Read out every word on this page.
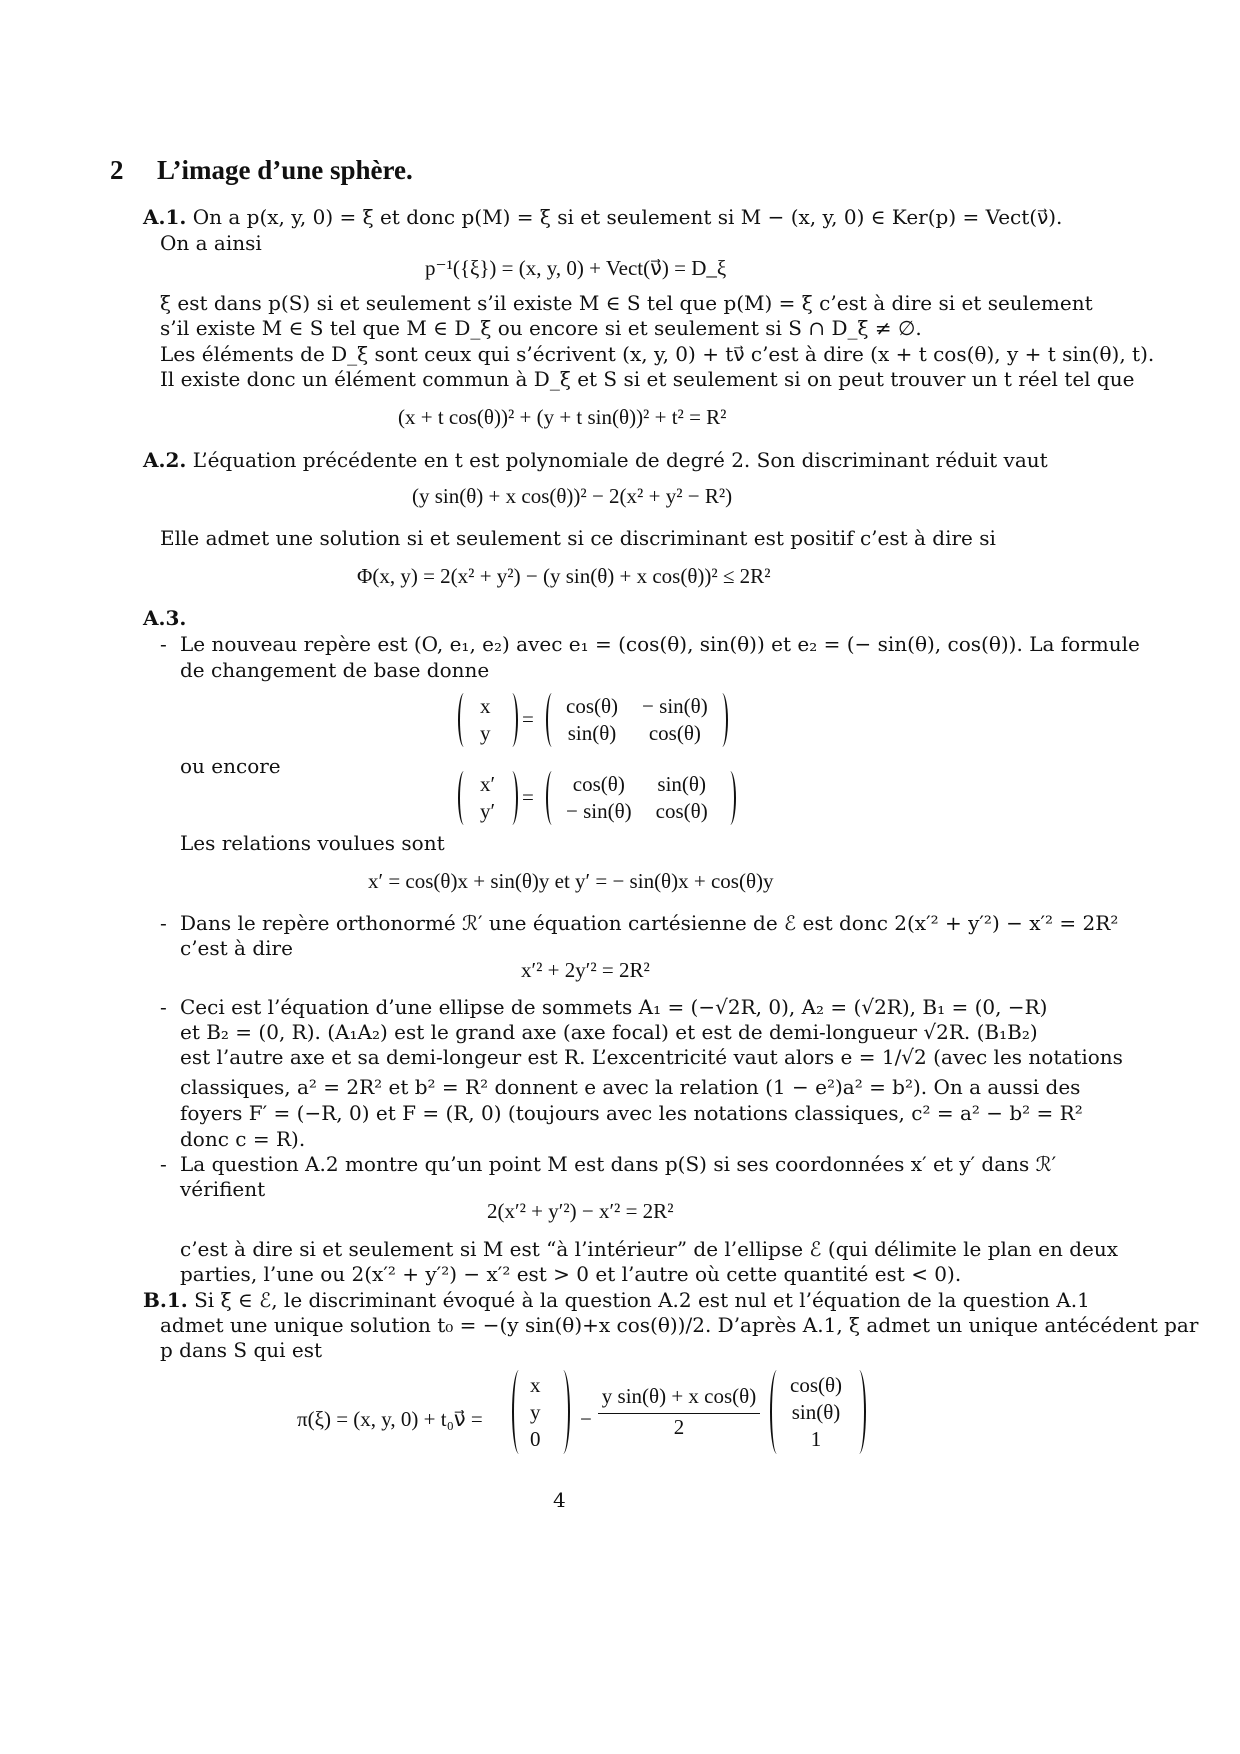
2 L’image d’une sphère.
A.1. On a p(x, y, 0) = ξ et donc p(M) = ξ si et seulement si M − (x, y, 0) ∈ Ker(p) = Vect(ν⃗).
On a ainsi
p⁻¹({ξ}) = (x, y, 0) + Vect(ν⃗) = D_ξ
ξ est dans p(S) si et seulement s’il existe M ∈ S tel que p(M) = ξ c’est à dire si et seulement
s’il existe M ∈ S tel que M ∈ D_ξ ou encore si et seulement si S ∩ D_ξ ≠ ∅.
Les éléments de D_ξ sont ceux qui s’écrivent (x, y, 0) + tν⃗ c’est à dire (x + t cos(θ), y + t sin(θ), t).
Il existe donc un élément commun à D_ξ et S si et seulement si on peut trouver un t réel tel que
(x + t cos(θ))² + (y + t sin(θ))² + t² = R²
A.2. L’équation précédente en t est polynomiale de degré 2. Son discriminant réduit vaut
(y sin(θ) + x cos(θ))² − 2(x² + y² − R²)
Elle admet une solution si et seulement si ce discriminant est positif c’est à dire si
Φ(x, y) = 2(x² + y²) − (y sin(θ) + x cos(θ))² ≤ 2R²
A.3.
- Le nouveau repère est (O, e₁, e₂) avec e₁ = (cos(θ), sin(θ)) et e₂ = (− sin(θ), cos(θ)). La formule
de changement de base donne
x
y
=
cos(θ)	− sin(θ)
sin(θ)	cos(θ)
ou encore
x′
y′
=
cos(θ)	sin(θ)
− sin(θ)	cos(θ)
Les relations voulues sont
x′ = cos(θ)x + sin(θ)y et y′ = − sin(θ)x + cos(θ)y
- Dans le repère orthonormé ℛ′ une équation cartésienne de ℰ est donc 2(x′² + y′²) − x′² = 2R²
c’est à dire
x′² + 2y′² = 2R²
- Ceci est l’équation d’une ellipse de sommets A₁ = (−√2R, 0), A₂ = (√2R), B₁ = (0, −R)
et B₂ = (0, R). (A₁A₂) est le grand axe (axe focal) et est de demi-longueur √2R. (B₁B₂)
est l’autre axe et sa demi-longeur est R. L’excentricité vaut alors e = 1/√2 (avec les notations
classiques, a² = 2R² et b² = R² donnent e avec la relation (1 − e²)a² = b²). On a aussi des
foyers F′ = (−R, 0) et F = (R, 0) (toujours avec les notations classiques, c² = a² − b² = R²
donc c = R).
- La question A.2 montre qu’un point M est dans p(S) si ses coordonnées x′ et y′ dans ℛ′
vérifient
2(x′² + y′²) − x′² = 2R²
c’est à dire si et seulement si M est “à l’intérieur” de l’ellipse ℰ (qui délimite le plan en deux
parties, l’une ou 2(x′² + y′²) − x′² est > 0 et l’autre où cette quantité est < 0).
B.1. Si ξ ∈ ℰ, le discriminant évoqué à la question A.2 est nul et l’équation de la question A.1
admet une unique solution t₀ = −(y sin(θ)+x cos(θ))/2. D’après A.1, ξ admet un unique antécédent par
p dans S qui est
π(ξ) = (x, y, 0) + t₀ν⃗ =
x
y
0
−
y sin(θ) + x cos(θ)
2
cos(θ)
sin(θ)
1
4
